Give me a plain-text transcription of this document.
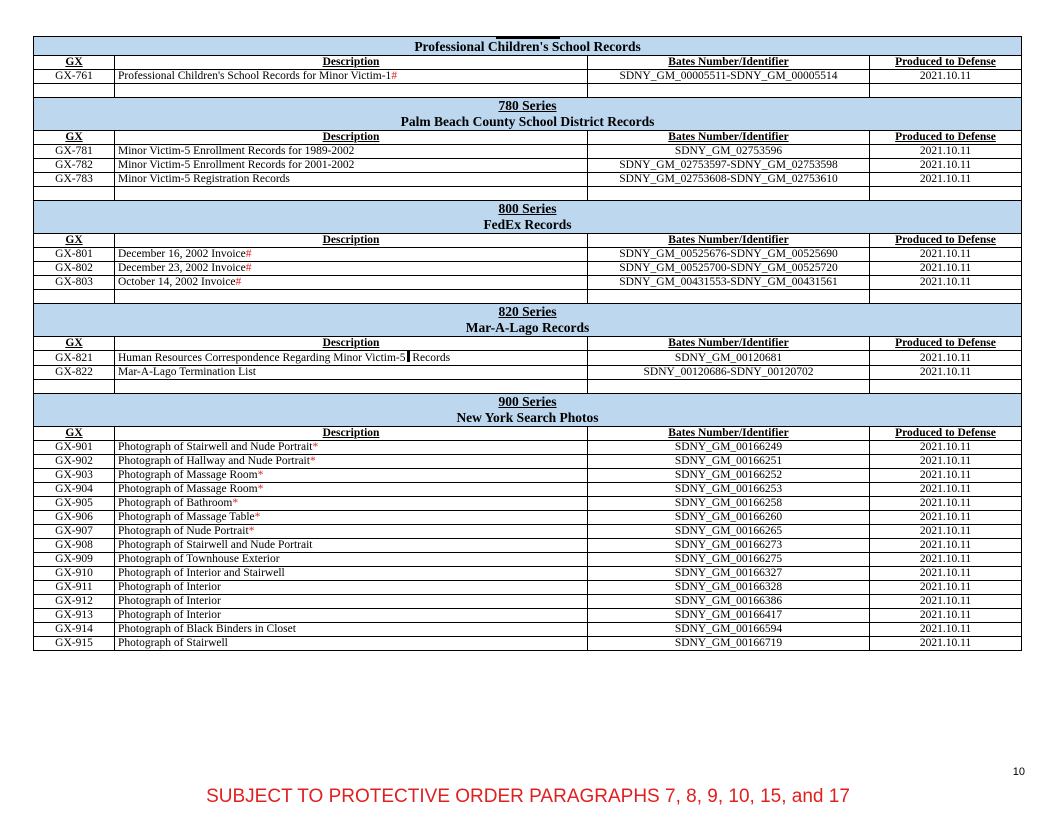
Professional Children's School Records			

GX	Description	Bates Number/Identifier	Produced to Defense
GX-761	Professional Children's School Records for Minor Victim-1#	SDNY_GM_00005511-SDNY_GM_00005514	2021.10.11

780 Series
Palm Beach County School District Records			

GX	Description	Bates Number/Identifier	Produced to Defense
GX-781	Minor Victim-5 Enrollment Records for 1989-2002	SDNY_GM_02753596	2021.10.11
GX-782	Minor Victim-5 Enrollment Records for 2001-2002	SDNY_GM_02753597-SDNY_GM_02753598	2021.10.11
GX-783	Minor Victim-5 Registration Records	SDNY_GM_02753608-SDNY_GM_02753610	2021.10.11

800 Series
FedEx Records			

GX	Description	Bates Number/Identifier	Produced to Defense
GX-801	December 16, 2002 Invoice#	SDNY_GM_00525676-SDNY_GM_00525690	2021.10.11
GX-802	December 23, 2002 Invoice#	SDNY_GM_00525700-SDNY_GM_00525720	2021.10.11
GX-803	October 14, 2002 Invoice#	SDNY_GM_00431553-SDNY_GM_00431561	2021.10.11

820 Series
Mar-A-Lago Records			

GX	Description	Bates Number/Identifier	Produced to Defense
GX-821	Human Resources Correspondence Regarding Minor Victim-5 Records	SDNY_GM_00120681	2021.10.11
GX-822	Mar-A-Lago Termination List	SDNY_00120686-SDNY_00120702	2021.10.11

900 Series
New York Search Photos			

GX	Description	Bates Number/Identifier	Produced to Defense
GX-901	Photograph of Stairwell and Nude Portrait*	SDNY_GM_00166249	2021.10.11
GX-902	Photograph of Hallway and Nude Portrait*	SDNY_GM_00166251	2021.10.11
GX-903	Photograph of Massage Room*	SDNY_GM_00166252	2021.10.11
GX-904	Photograph of Massage Room*	SDNY_GM_00166253	2021.10.11
GX-905	Photograph of Bathroom*	SDNY_GM_00166258	2021.10.11
GX-906	Photograph of Massage Table*	SDNY_GM_00166260	2021.10.11
GX-907	Photograph of Nude Portrait*	SDNY_GM_00166265	2021.10.11
GX-908	Photograph of Stairwell and Nude Portrait	SDNY_GM_00166273	2021.10.11
GX-909	Photograph of Townhouse Exterior	SDNY_GM_00166275	2021.10.11
GX-910	Photograph of Interior and Stairwell	SDNY_GM_00166327	2021.10.11
GX-911	Photograph of Interior	SDNY_GM_00166328	2021.10.11
GX-912	Photograph of Interior	SDNY_GM_00166386	2021.10.11
GX-913	Photograph of Interior	SDNY_GM_00166417	2021.10.11
GX-914	Photograph of Black Binders in Closet	SDNY_GM_00166594	2021.10.11
GX-915	Photograph of Stairwell	SDNY_GM_00166719	2021.10.11
10
SUBJECT TO PROTECTIVE ORDER PARAGRAPHS 7, 8, 9, 10, 15, and 17
